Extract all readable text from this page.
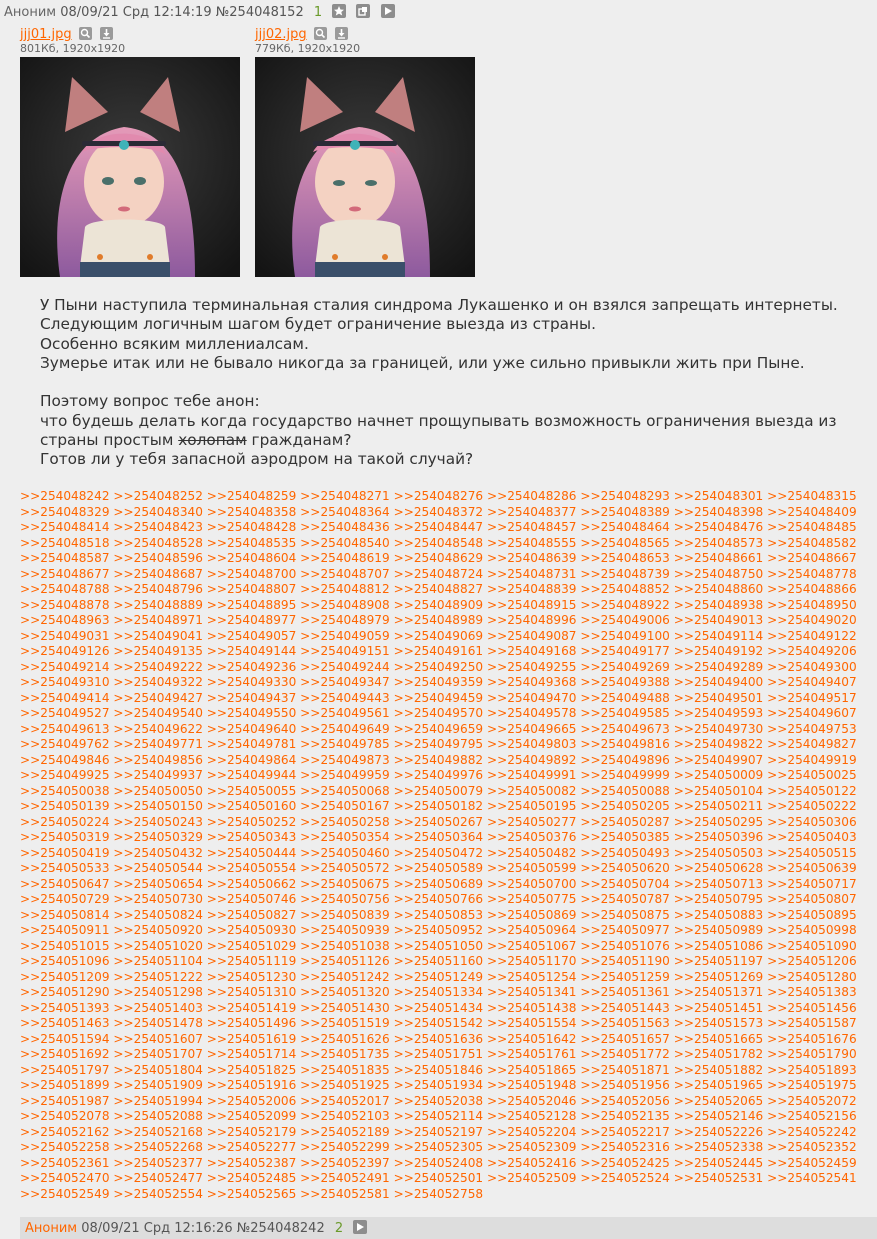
Аноним 08/09/21 Срд 12:14:19 №254048152 1

jjj01.jpg

801Кб, 1920x1920
jjj02.jpg

779Кб, 1920x1920

У Пыни наступила терминальная сталия синдрома Лукашенко и он взялся запрещать интернеты.

Следующим логичным шагом будет ограничение выезда из страны.

Особенно всяким миллениалсам.

Зумерье итак или не бывало никогда за границей, или уже сильно привыкли жить при Пыне.

Поэтому вопрос тебе анон:

что будешь делать когда государство начнет прощупывать возможность ограничения выезда из страны простым холопам гражданам?

Готов ли у тебя запасной аэродром на такой случай?

>>254048242 >>254048252 >>254048259 >>254048271 >>254048276 >>254048286 >>254048293 >>254048301 >>254048315 >>254048329 >>254048340 >>254048358 >>254048364 >>254048372 >>254048377 >>254048389 >>254048398 >>254048409 >>254048414 >>254048423 >>254048428 >>254048436 >>254048447 >>254048457 >>254048464 >>254048476 >>254048485 >>254048518 >>254048528 >>254048535 >>254048540 >>254048548 >>254048555 >>254048565 >>254048573 >>254048582 >>254048587 >>254048596 >>254048604 >>254048619 >>254048629 >>254048639 >>254048653 >>254048661 >>254048667 >>254048677 >>254048687 >>254048700 >>254048707 >>254048724 >>254048731 >>254048739 >>254048750 >>254048778 >>254048788 >>254048796 >>254048807 >>254048812 >>254048827 >>254048839 >>254048852 >>254048860 >>254048866 >>254048878 >>254048889 >>254048895 >>254048908 >>254048909 >>254048915 >>254048922 >>254048938 >>254048950 >>254048963 >>254048971 >>254048977 >>254048979 >>254048989 >>254048996 >>254049006 >>254049013 >>254049020 >>254049031 >>254049041 >>254049057 >>254049059 >>254049069 >>254049087 >>254049100 >>254049114 >>254049122 >>254049126 >>254049135 >>254049144 >>254049151 >>254049161 >>254049168 >>254049177 >>254049192 >>254049206 >>254049214 >>254049222 >>254049236 >>254049244 >>254049250 >>254049255 >>254049269 >>254049289 >>254049300 >>254049310 >>254049322 >>254049330 >>254049347 >>254049359 >>254049368 >>254049388 >>254049400 >>254049407 >>254049414 >>254049427 >>254049437 >>254049443 >>254049459 >>254049470 >>254049488 >>254049501 >>254049517 >>254049527 >>254049540 >>254049550 >>254049561 >>254049570 >>254049578 >>254049585 >>254049593 >>254049607 >>254049613 >>254049622 >>254049640 >>254049649 >>254049659 >>254049665 >>254049673 >>254049730 >>254049753 >>254049762 >>254049771 >>254049781 >>254049785 >>254049795 >>254049803 >>254049816 >>254049822 >>254049827 >>254049846 >>254049856 >>254049864 >>254049873 >>254049882 >>254049892 >>254049896 >>254049907 >>254049919 >>254049925 >>254049937 >>254049944 >>254049959 >>254049976 >>254049991 >>254049999 >>254050009 >>254050025 >>254050038 >>254050050 >>254050055 >>254050068 >>254050079 >>254050082 >>254050088 >>254050104 >>254050122 >>254050139 >>254050150 >>254050160 >>254050167 >>254050182 >>254050195 >>254050205 >>254050211 >>254050222 >>254050224 >>254050243 >>254050252 >>254050258 >>254050267 >>254050277 >>254050287 >>254050295 >>254050306 >>254050319 >>254050329 >>254050343 >>254050354 >>254050364 >>254050376 >>254050385 >>254050396 >>254050403 >>254050419 >>254050432 >>254050444 >>254050460 >>254050472 >>254050482 >>254050493 >>254050503 >>254050515 >>254050533 >>254050544 >>254050554 >>254050572 >>254050589 >>254050599 >>254050620 >>254050628 >>254050639 >>254050647 >>254050654 >>254050662 >>254050675 >>254050689 >>254050700 >>254050704 >>254050713 >>254050717 >>254050729 >>254050730 >>254050746 >>254050756 >>254050766 >>254050775 >>254050787 >>254050795 >>254050807 >>254050814 >>254050824 >>254050827 >>254050839 >>254050853 >>254050869 >>254050875 >>254050883 >>254050895 >>254050911 >>254050920 >>254050930 >>254050939 >>254050952 >>254050964 >>254050977 >>254050989 >>254050998 >>254051015 >>254051020 >>254051029 >>254051038 >>254051050 >>254051067 >>254051076 >>254051086 >>254051090 >>254051096 >>254051104 >>254051119 >>254051126 >>254051160 >>254051170 >>254051190 >>254051197 >>254051206 >>254051209 >>254051222 >>254051230 >>254051242 >>254051249 >>254051254 >>254051259 >>254051269 >>254051280 >>254051290 >>254051298 >>254051310 >>254051320 >>254051334 >>254051341 >>254051361 >>254051371 >>254051383 >>254051393 >>254051403 >>254051419 >>254051430 >>254051434 >>254051438 >>254051443 >>254051451 >>254051456 >>254051463 >>254051478 >>254051496 >>254051519 >>254051542 >>254051554 >>254051563 >>254051573 >>254051587 >>254051594 >>254051607 >>254051619 >>254051626 >>254051636 >>254051642 >>254051657 >>254051665 >>254051676 >>254051692 >>254051707 >>254051714 >>254051735 >>254051751 >>254051761 >>254051772 >>254051782 >>254051790 >>254051797 >>254051804 >>254051825 >>254051835 >>254051846 >>254051865 >>254051871 >>254051882 >>254051893 >>254051899 >>254051909 >>254051916 >>254051925 >>254051934 >>254051948 >>254051956 >>254051965 >>254051975 >>254051987 >>254051994 >>254052006 >>254052017 >>254052038 >>254052046 >>254052056 >>254052065 >>254052072 >>254052078 >>254052088 >>254052099 >>254052103 >>254052114 >>254052128 >>254052135 >>254052146 >>254052156 >>254052162 >>254052168 >>254052179 >>254052189 >>254052197 >>254052204 >>254052217 >>254052226 >>254052242 >>254052258 >>254052268 >>254052277 >>254052299 >>254052305 >>254052309 >>254052316 >>254052338 >>254052352 >>254052361 >>254052377 >>254052387 >>254052397 >>254052408 >>254052416 >>254052425 >>254052445 >>254052459 >>254052470 >>254052477 >>254052485 >>254052491 >>254052501 >>254052509 >>254052524 >>254052531 >>254052541 >>254052549 >>254052554 >>254052565 >>254052581 >>254052758
Аноним 08/09/21 Срд 12:16:26 №254048242 2
